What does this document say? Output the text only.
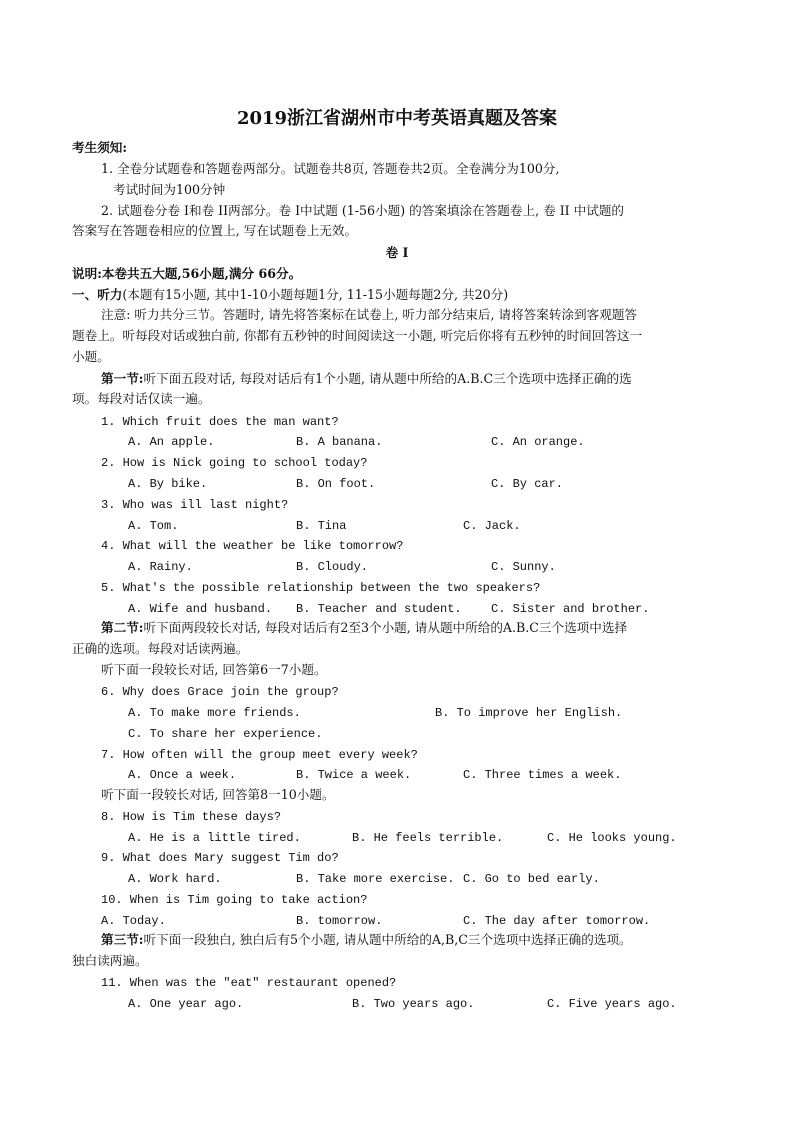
2019浙江省湖州市中考英语真题及答案
考生须知:
1. 全卷分试题卷和答题卷两部分。试题卷共8页, 答题卷共2页。全卷满分为100分,
考试时间为100分钟
2. 试题卷分卷 I和卷 II两部分。卷 I中试题 (1-56小题) 的答案填涂在答题卷上, 卷 II 中试题的
答案写在答题卷相应的位置上, 写在试题卷上无效。
卷 I
说明:本卷共五大题,56小题,满分 66分。
一、听力(本题有15小题, 其中1-10小题每题1分, 11-15小题每题2分, 共20分)
注意: 听力共分三节。答题时, 请先将答案标在试卷上, 听力部分结束后, 请将答案转涂到客观题答
题卷上。听每段对话或独白前, 你都有五秒钟的时间阅读这一小题, 听完后你将有五秒钟的时间回答这一
小题。
第一节:听下面五段对话, 每段对话后有1个小题, 请从题中所给的A.B.C三个选项中选择正确的选
项。每段对话仅读一遍。
1. Which fruit does the man want?
A. An apple.	B. A banana.	C. An orange.
2. How is Nick going to school today?
A. By bike.	B. On foot.	C. By car.
3. Who was ill last night?
A. Tom.	B. Tina	C. Jack.
4. What will the weather be like tomorrow?
A. Rainy.	B. Cloudy.	C. Sunny.
5. What's the possible relationship between the two speakers?
A. Wife and husband. B. Teacher and student. C. Sister and brother.
第二节:听下面两段较长对话, 每段对话后有2至3个小题, 请从题中所给的A.B.C三个选项中选择
正确的选项。每段对话读两遍。
听下面一段较长对话, 回答第6一7小题。
6. Why does Grace join the group?
A. To make more friends.	B. To improve her English.
C. To share her experience.
7. How often will the group meet every week?
A. Once a week.	B. Twice a week.	C. Three times a week.
听下面一段较长对话, 回答第8一10小题。
8. How is Tim these days?
A. He is a little tired.	B. He feels terrible.	C. He looks young.
9. What does Mary suggest Tim do?
A. Work hard.	B. Take more exercise. C. Go to bed early.
10. When is Tim going to take action?
A. Today.	B. tomorrow.	C. The day after tomorrow.
第三节:听下面一段独白, 独白后有5个小题, 请从题中所给的A,B,C三个选项中选择正确的选项。
独白读两遍。
11. When was the "eat" restaurant opened?
A. One year ago.	B. Two years ago.	C. Five years ago.
